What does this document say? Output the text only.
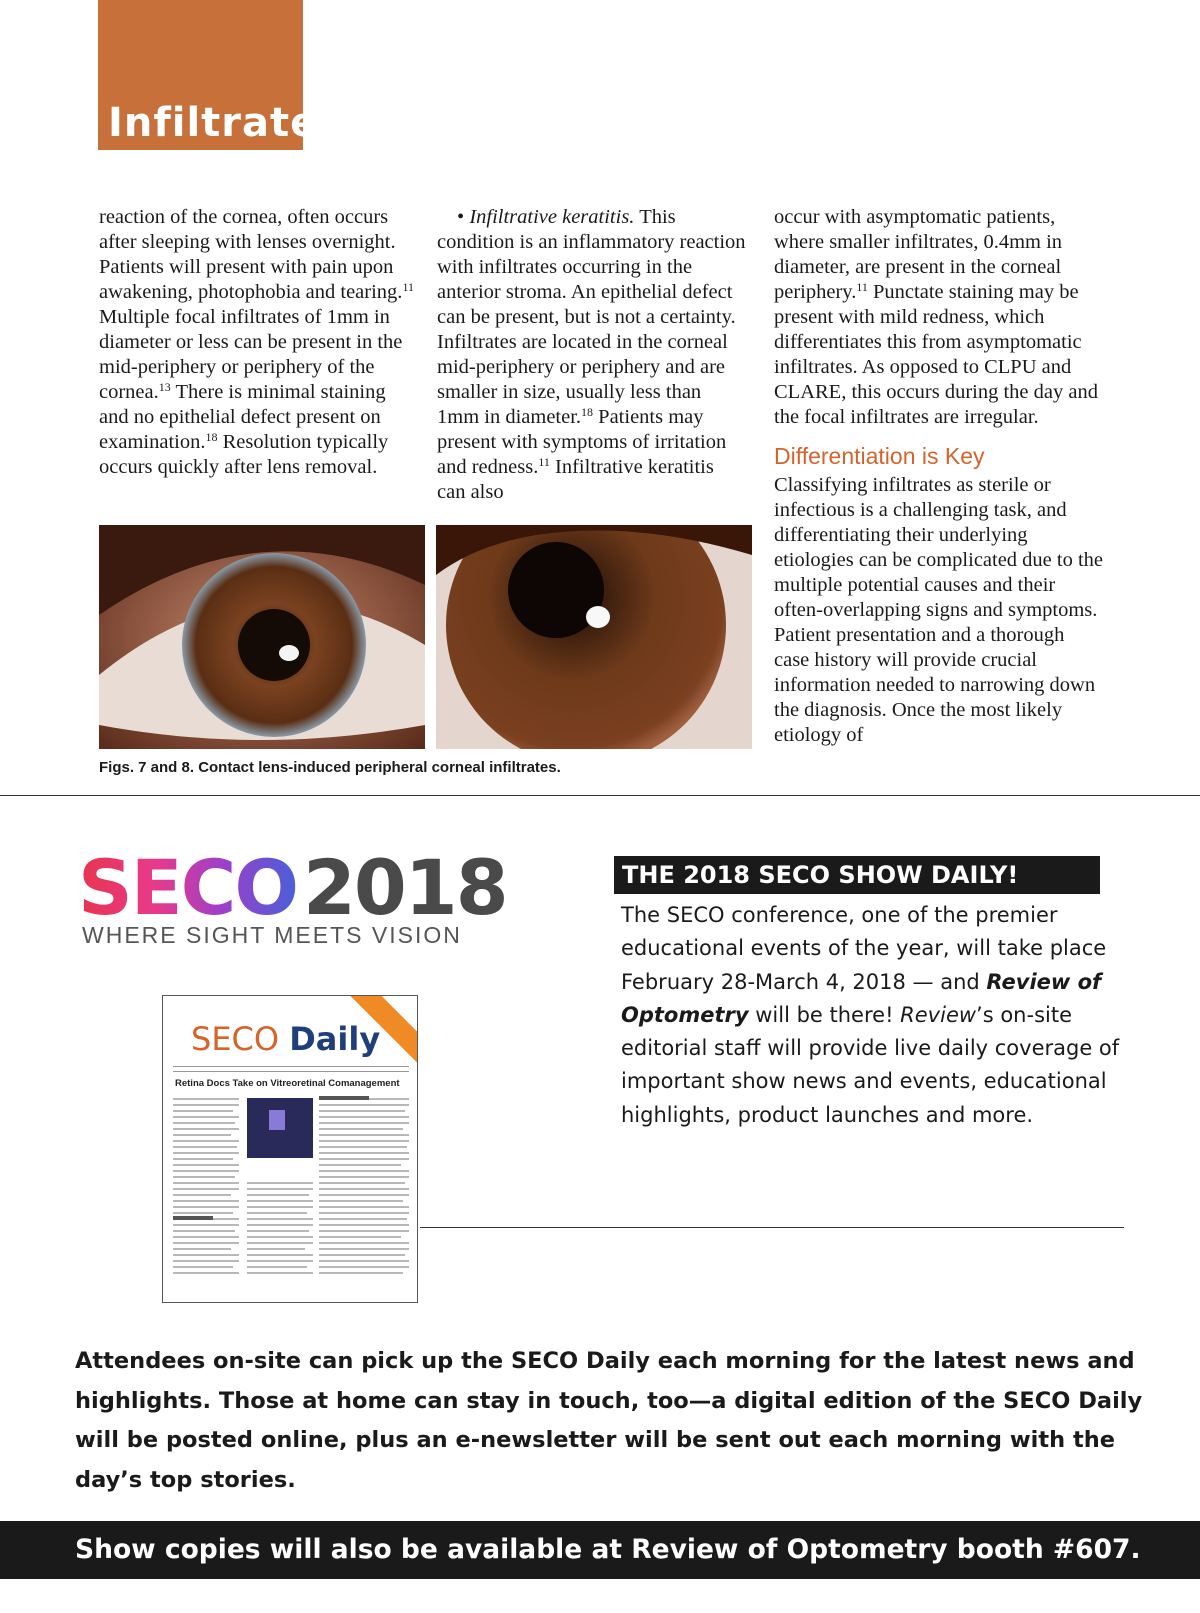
Infiltrates

reaction of the cornea, often occurs after sleeping with lenses overnight. Patients will present with pain upon awakening, photophobia and tearing.$^{11}$ Multiple focal infiltrates of 1mm in diameter or less can be present in the mid-periphery or periphery of the cornea.$^{13}$ There is minimal staining and no epithelial defect present on examination.$^{18}$ Resolution typically occurs quickly after lens removal.

• Infiltrative keratitis. This condition is an inflammatory reaction with infiltrates occurring in the anterior stroma. An epithelial defect can be present, but is not a certainty. Infiltrates are located in the corneal mid-periphery or periphery and are smaller in size, usually less than 1mm in diameter.$^{18}$ Patients may present with symptoms of irritation and redness.$^{11}$ Infiltrative keratitis can also

occur with asymptomatic patients, where smaller infiltrates, 0.4mm in diameter, are present in the corneal periphery.$^{11}$ Punctate staining may be present with mild redness, which differentiates this from asymptomatic infiltrates. As opposed to CLPU and CLARE, this occurs during the day and the focal infiltrates are irregular.

Differentiation is Key

Classifying infiltrates as sterile or infectious is a challenging task, and differentiating their underlying etiologies can be complicated due to the multiple potential causes and their often-overlapping signs and symptoms. Patient presentation and a thorough case history will provide crucial information needed to narrowing down the diagnosis. Once the most likely etiology of

Figs. 7 and 8. Contact lens-induced peripheral corneal infiltrates.
SECO2018
WHERE SIGHT MEETS VISION
SECO Daily
Retina Docs Take on Vitreoretinal Comanagement
THE 2018 SECO SHOW DAILY!
The SECO conference, one of the premier educational events of the year, will take place February 28-March 4, 2018 — and Review of Optometry will be there! Review’s on-site editorial staff will provide live daily coverage of important show news and events, educational highlights, product launches and more.
Attendees on-site can pick up the SECO Daily each morning for the latest news and highlights. Those at home can stay in touch, too—a digital edition of the SECO Daily will be posted online, plus an e-newsletter will be sent out each morning with the day’s top stories.
Show copies will also be available at Review of Optometry booth #607.
